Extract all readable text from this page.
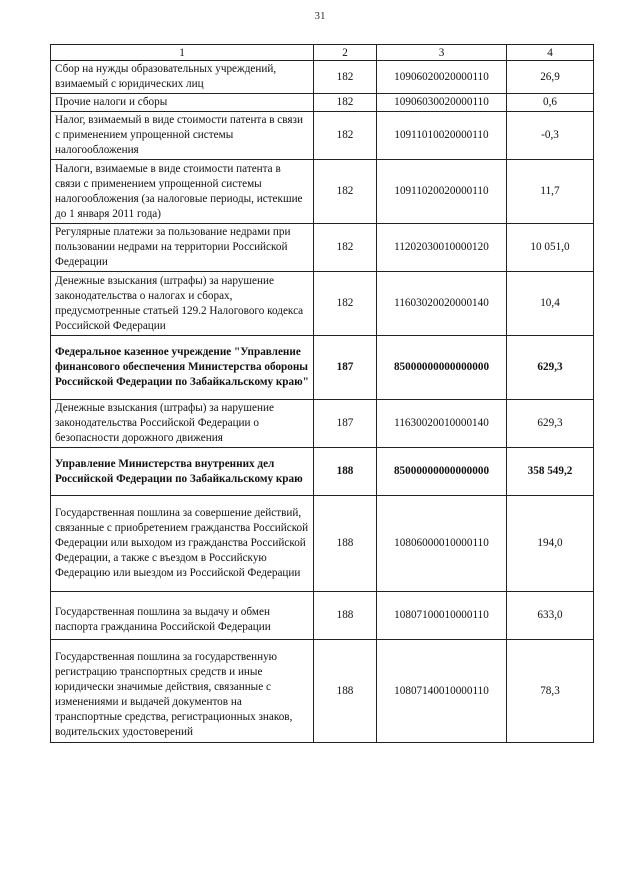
31
1	2	3	4
Сбор на нужды образовательных учреждений, взимаемый с юридических лиц	182	10906020020000110	26,9
Прочие налоги и сборы	182	10906030020000110	0,6
Налог, взимаемый в виде стоимости патента в связи с применением упрощенной системы налогообложения	182	10911010020000110	-0,3
Налоги, взимаемые в виде стоимости патента в связи с применением упрощенной системы налогообложения (за налоговые периоды, истекшие до 1 января 2011 года)	182	10911020020000110	11,7
Регулярные платежи за пользование недрами при пользовании недрами на территории Российской Федерации	182	11202030010000120	10 051,0
Денежные взыскания (штрафы) за нарушение законодательства о налогах и сборах, предусмотренные статьей 129.2 Налогового кодекса Российской Федерации	182	11603020020000140	10,4
Федеральное казенное учреждение "Управление финансового обеспечения Министерства обороны Российской Федерации по Забайкальскому краю"	187	85000000000000000	629,3
Денежные взыскания (штрафы) за нарушение законодательства Российской Федерации о безопасности дорожного движения	187	11630020010000140	629,3
Управление Министерства внутренних дел Российской Федерации по Забайкальскому краю	188	85000000000000000	358 549,2
Государственная пошлина за совершение действий, связанные с приобретением гражданства Российской Федерации или выходом из гражданства Российской Федерации, а также с въездом в Российскую Федерацию или выездом из Российской Федерации	188	10806000010000110	194,0
Государственная пошлина за выдачу и обмен паспорта гражданина Российской Федерации	188	10807100010000110	633,0
Государственная пошлина за государственную регистрацию транспортных средств и иные юридически значимые действия, связанные с изменениями и выдачей документов на транспортные средства, регистрационных знаков, водительских удостоверений	188	10807140010000110	78,3
